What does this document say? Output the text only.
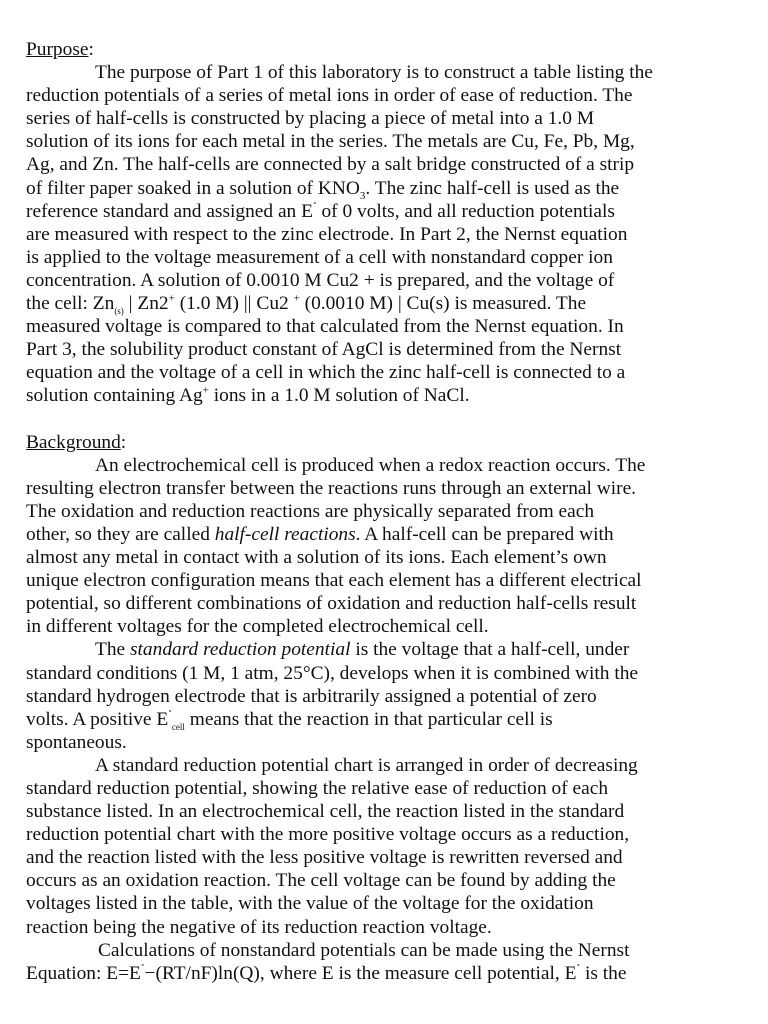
Purpose:
The purpose of Part 1 of this laboratory is to construct a table listing the
reduction potentials of a series of metal ions in order of ease of reduction. The
series of half-cells is constructed by placing a piece of metal into a 1.0 M
solution of its ions for each metal in the series. The metals are Cu, Fe, Pb, Mg,
Ag, and Zn. The half-cells are connected by a salt bridge constructed of a strip
of filter paper soaked in a solution of $KNO_3$. The zinc half-cell is used as the
reference standard and assigned an E˚ of 0 volts, and all reduction potentials
are measured with respect to the zinc electrode. In Part 2, the Nernst equation
is applied to the voltage measurement of a cell with nonstandard copper ion
concentration. A solution of 0.0010 M Cu2 + is prepared, and the voltage of
the cell: $Zn_{(s)}$ | Zn2+ (1.0 M) || Cu2 + (0.0010 M) | Cu(s) is measured. The
measured voltage is compared to that calculated from the Nernst equation. In
Part 3, the solubility product constant of AgCl is determined from the Nernst
equation and the voltage of a cell in which the zinc half-cell is connected to a
solution containing Ag+ ions in a 1.0 M solution of NaCl.
Background:
An electrochemical cell is produced when a redox reaction occurs. The
resulting electron transfer between the reactions runs through an external wire.
The oxidation and reduction reactions are physically separated from each
other, so they are called half-cell reactions. A half-cell can be prepared with
almost any metal in contact with a solution of its ions. Each element’s own
unique electron configuration means that each element has a different electrical
potential, so different combinations of oxidation and reduction half-cells result
in different voltages for the completed electrochemical cell.
The standard reduction potential is the voltage that a half-cell, under
standard conditions (1 M, 1 atm, 25°C), develops when it is combined with the
standard hydrogen electrode that is arbitrarily assigned a potential of zero
volts. A positive $E^˚_{cell}$ means that the reaction in that particular cell is
spontaneous.
A standard reduction potential chart is arranged in order of decreasing
standard reduction potential, showing the relative ease of reduction of each
substance listed. In an electrochemical cell, the reaction listed in the standard
reduction potential chart with the more positive voltage occurs as a reduction,
and the reaction listed with the less positive voltage is rewritten reversed and
occurs as an oxidation reaction. The cell voltage can be found by adding the
voltages listed in the table, with the value of the voltage for the oxidation
reaction being the negative of its reduction reaction voltage.
Calculations of nonstandard potentials can be made using the Nernst
Equation: E=E˚−(RT/nF)ln(Q), where E is the measure cell potential, E˚ is the
